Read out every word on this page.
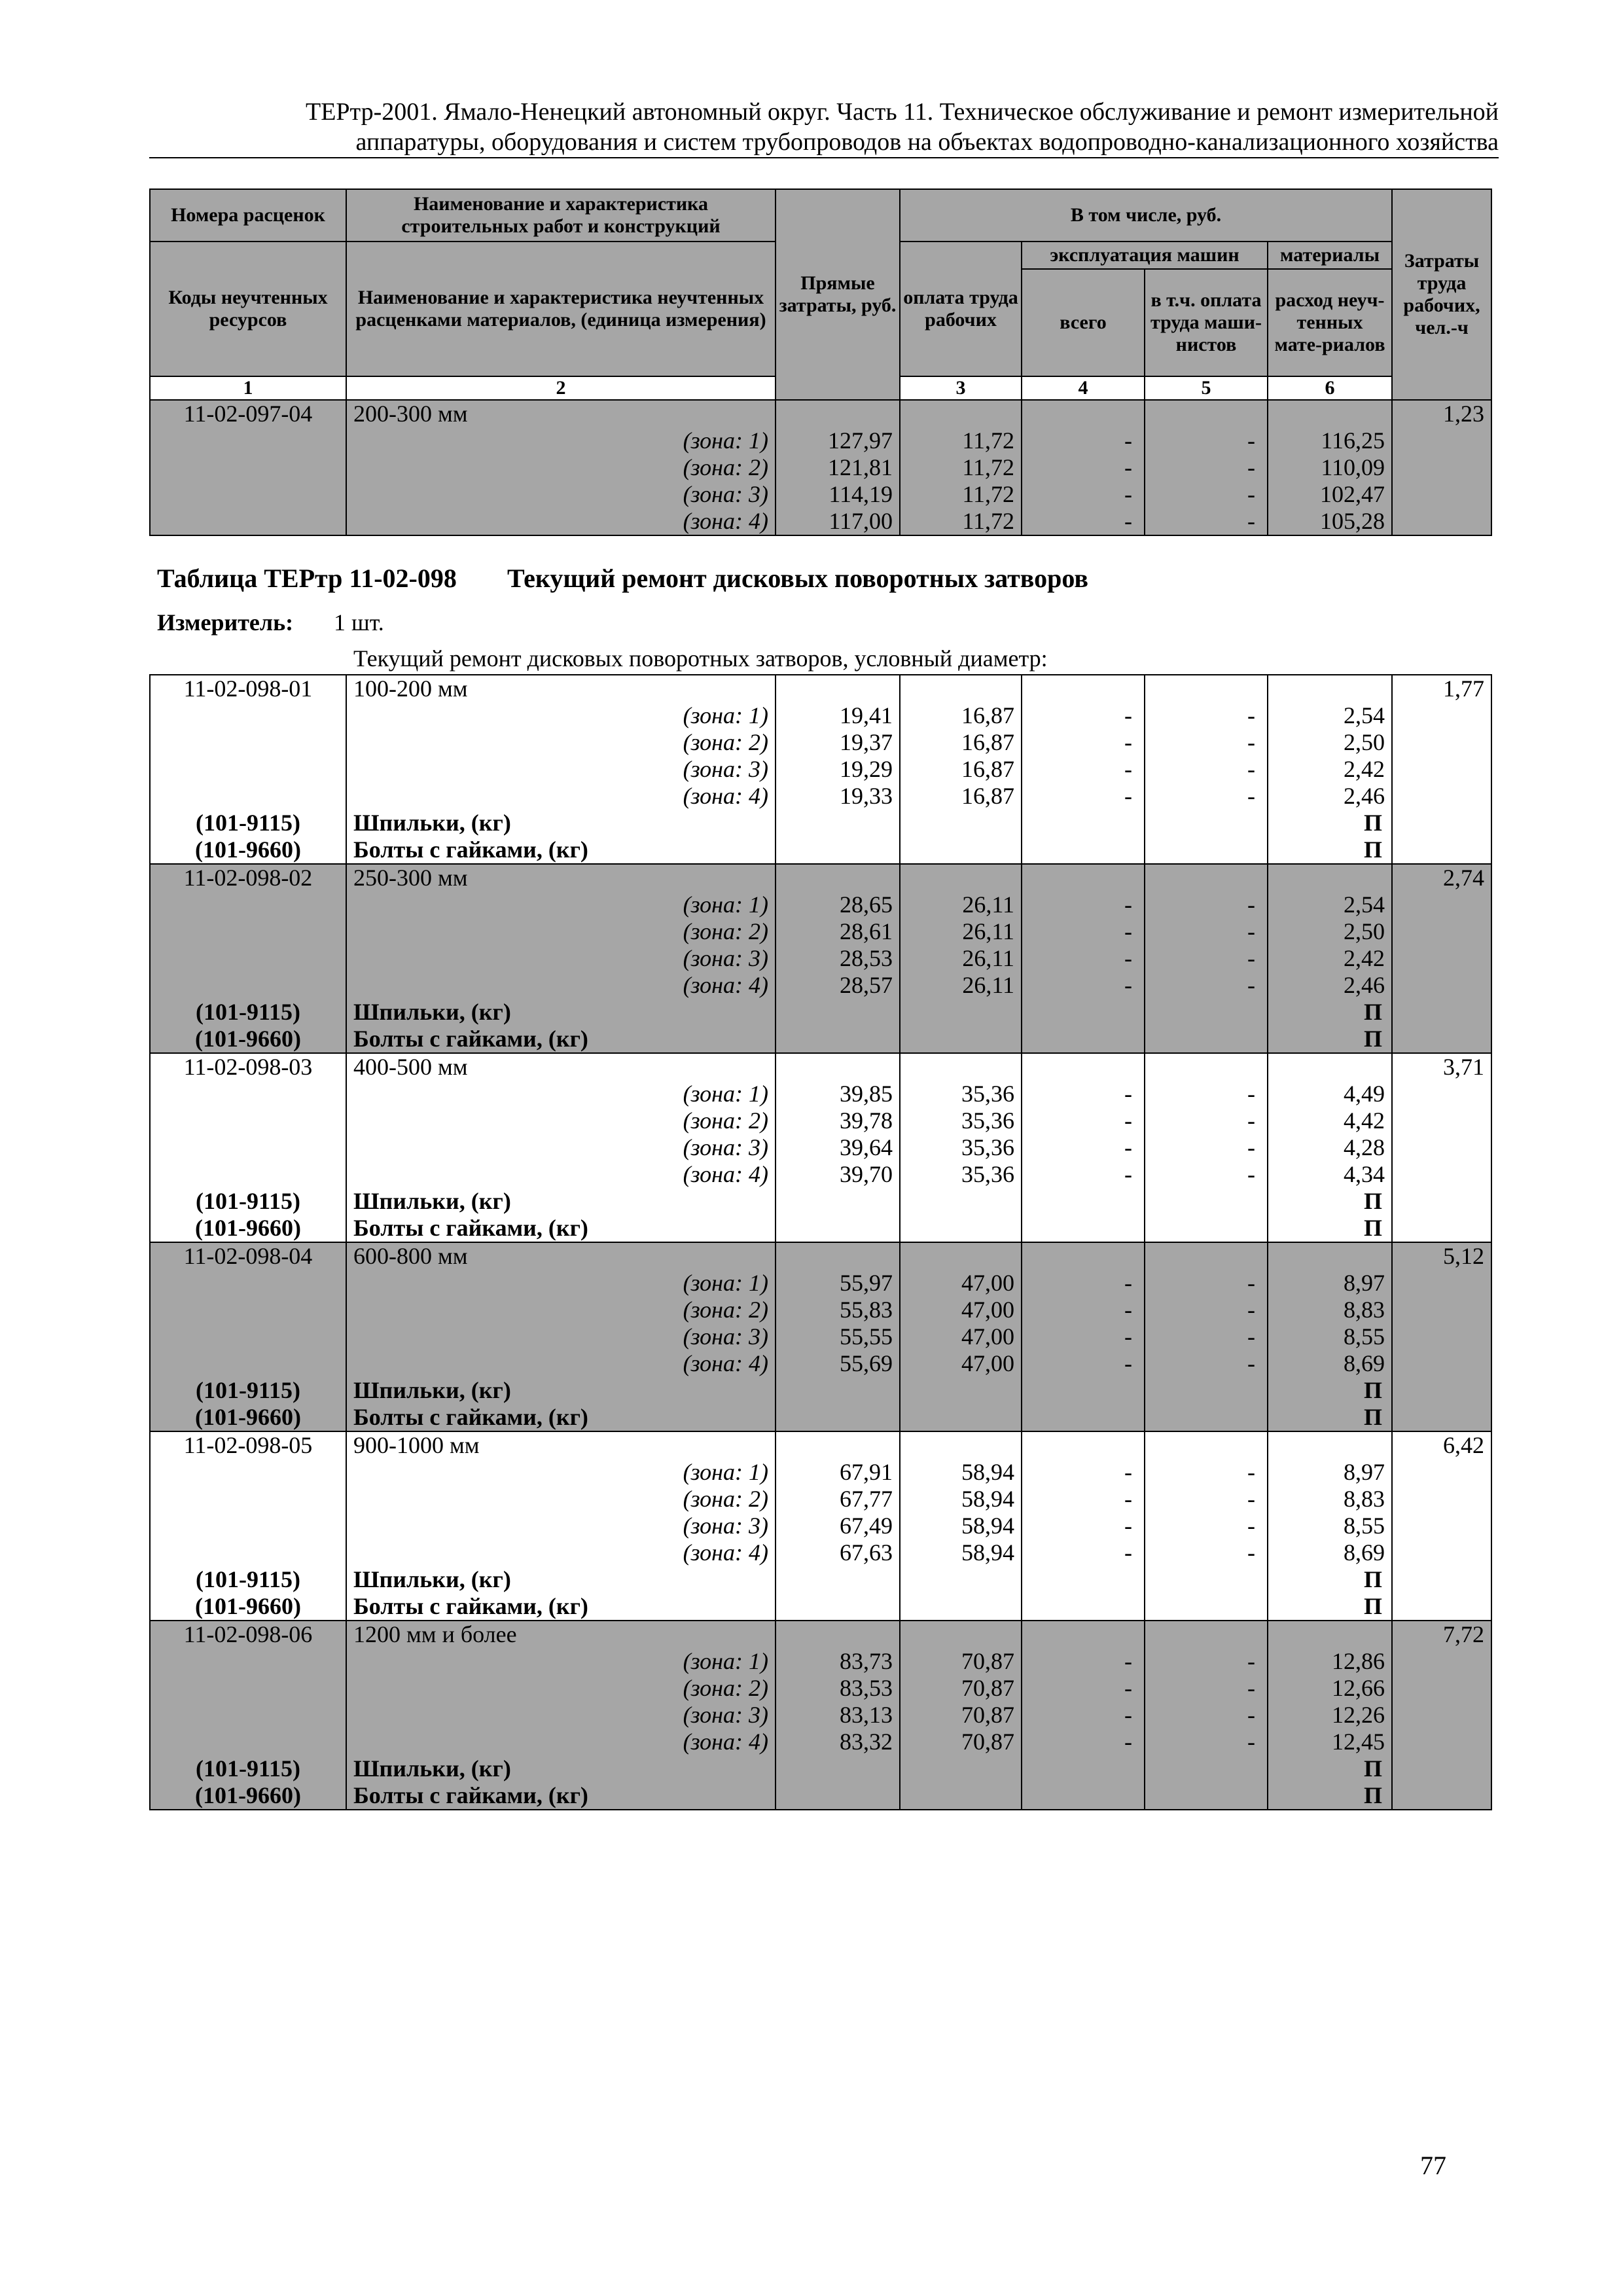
ТЕРтр-2001. Ямало-Ненецкий автономный округ. Часть 11. Техническое обслуживание и ремонт измерительной
аппаратуры, оборудования и систем трубопроводов на объектах водопроводно-канализационного хозяйства
Номера расценок	Наименование и характеристика строительных работ и конструкций	Прямые затраты, руб.	В том числе, руб.				Затраты труда рабочих, чел.-ч	
Коды неучтенных ресурсов	Наименование и характеристика неучтенных расценками материалов, (единица измерения)		оплата труда рабочих	эксплуатация машин		материалы		
				всего	в т.ч. оплата труда маши-нистов	расход неуч-тенных мате-риалов		
1	2		3	4	5	6		
11-02-097-04	200-300 мм						1,23	
	(зона: 1)	127,97	11,72	-	-	116,25		
	(зона: 2)	121,81	11,72	-	-	110,09		
	(зона: 3)	114,19	11,72	-	-	102,47		
	(зона: 4)	117,00	11,72	-	-	105,28		
Таблица ТЕРтр 11-02-098 Текущий ремонт дисковых поворотных затворов
Измеритель: 1 шт.
Текущий ремонт дисковых поворотных затворов, условный диаметр:
11-02-098-01	100-200 мм						1,77
	(зона: 1)	19,41	16,87	-	-	2,54	
	(зона: 2)	19,37	16,87	-	-	2,50	
	(зона: 3)	19,29	16,87	-	-	2,42	
	(зона: 4)	19,33	16,87	-	-	2,46	
(101-9115)	Шпильки, (кг)					П	
(101-9660)	Болты с гайками, (кг)					П	
11-02-098-02	250-300 мм						2,74
	(зона: 1)	28,65	26,11	-	-	2,54	
	(зона: 2)	28,61	26,11	-	-	2,50	
	(зона: 3)	28,53	26,11	-	-	2,42	
	(зона: 4)	28,57	26,11	-	-	2,46	
(101-9115)	Шпильки, (кг)					П	
(101-9660)	Болты с гайками, (кг)					П	
11-02-098-03	400-500 мм						3,71
	(зона: 1)	39,85	35,36	-	-	4,49	
	(зона: 2)	39,78	35,36	-	-	4,42	
	(зона: 3)	39,64	35,36	-	-	4,28	
	(зона: 4)	39,70	35,36	-	-	4,34	
(101-9115)	Шпильки, (кг)					П	
(101-9660)	Болты с гайками, (кг)					П	
11-02-098-04	600-800 мм						5,12
	(зона: 1)	55,97	47,00	-	-	8,97	
	(зона: 2)	55,83	47,00	-	-	8,83	
	(зона: 3)	55,55	47,00	-	-	8,55	
	(зона: 4)	55,69	47,00	-	-	8,69	
(101-9115)	Шпильки, (кг)					П	
(101-9660)	Болты с гайками, (кг)					П	
11-02-098-05	900-1000 мм						6,42
	(зона: 1)	67,91	58,94	-	-	8,97	
	(зона: 2)	67,77	58,94	-	-	8,83	
	(зона: 3)	67,49	58,94	-	-	8,55	
	(зона: 4)	67,63	58,94	-	-	8,69	
(101-9115)	Шпильки, (кг)					П	
(101-9660)	Болты с гайками, (кг)					П	
11-02-098-06	1200 мм и более						7,72
	(зона: 1)	83,73	70,87	-	-	12,86	
	(зона: 2)	83,53	70,87	-	-	12,66	
	(зона: 3)	83,13	70,87	-	-	12,26	
	(зона: 4)	83,32	70,87	-	-	12,45	
(101-9115)	Шпильки, (кг)					П	
(101-9660)	Болты с гайками, (кг)					П	
77
